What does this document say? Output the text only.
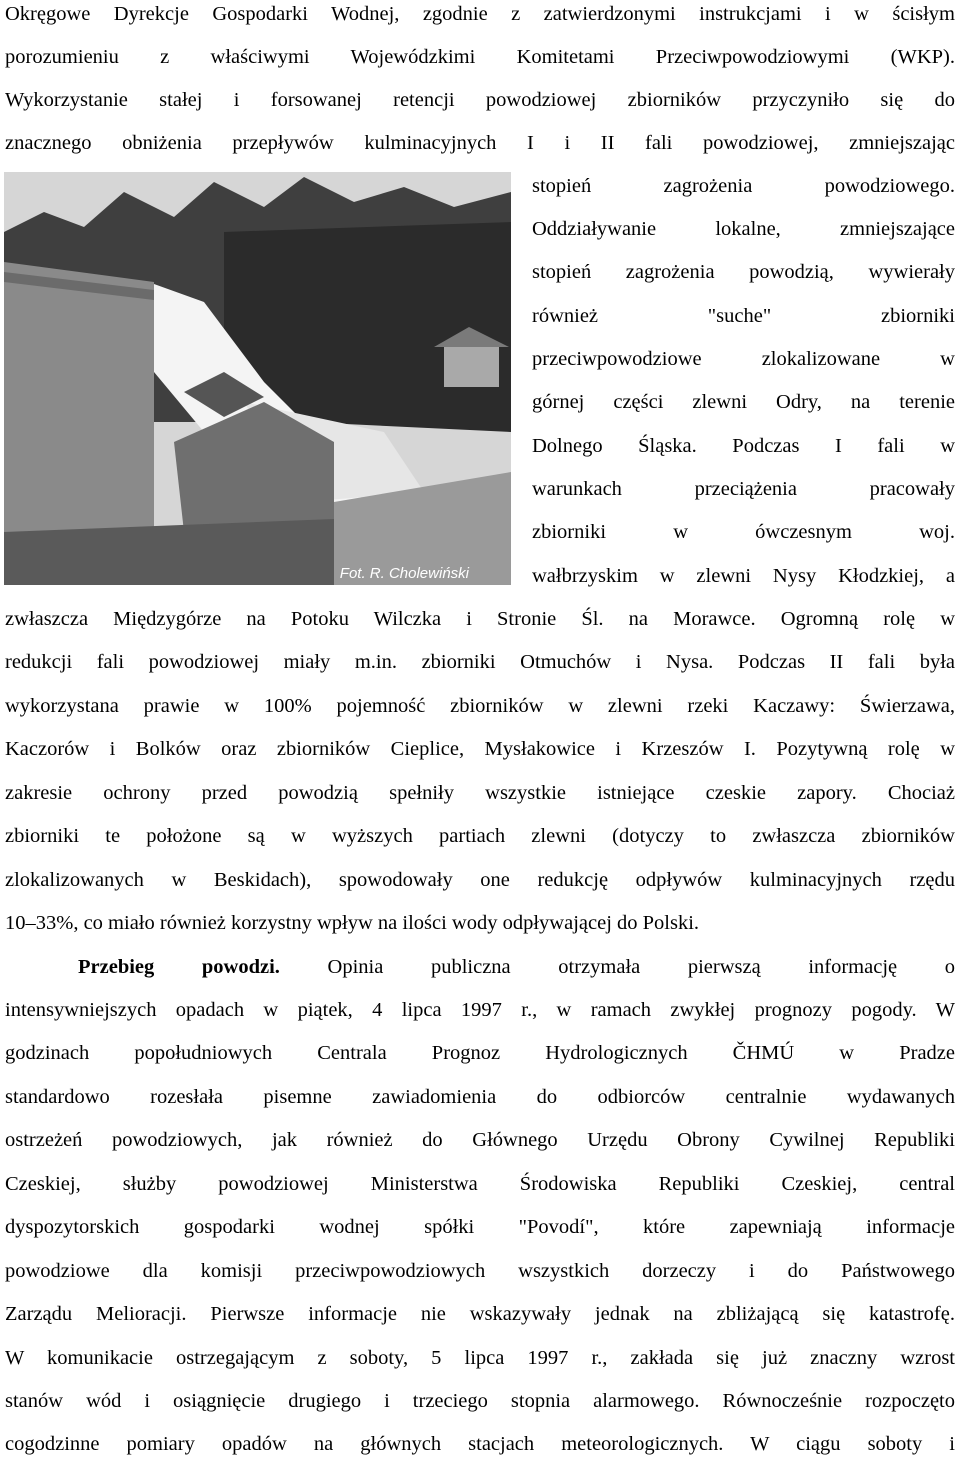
Okręgowe Dyrekcje Gospodarki Wodnej, zgodnie z zatwierdzonymi instrukcjami i w ścisłym
porozumieniu z właściwymi Wojewódzkimi Komitetami Przeciwpowodziowymi (WKP).
Wykorzystanie stałej i forsowanej retencji powodziowej zbiorników przyczyniło się do
znacznego obniżenia przepływów kulminacyjnych I i II fali powodziowej, zmniejszając
Fot. R. Cholewiński
stopień zagrożenia powodziowego.
Oddziaływanie lokalne, zmniejszające
stopień zagrożenia powodzią, wywierały
również "suche" zbiorniki
przeciwpowodziowe zlokalizowane w
górnej części zlewni Odry, na terenie
Dolnego Śląska. Podczas I fali w
warunkach przeciążenia pracowały
zbiorniki w ówczesnym woj.
wałbrzyskim w zlewni Nysy Kłodzkiej, a
zwłaszcza Międzygórze na Potoku Wilczka i Stronie Śl. na Morawce. Ogromną rolę w
redukcji fali powodziowej miały m.in. zbiorniki Otmuchów i Nysa. Podczas II fali była
wykorzystana prawie w 100% pojemność zbiorników w zlewni rzeki Kaczawy: Świerzawa,
Kaczorów i Bolków oraz zbiorników Cieplice, Mysłakowice i Krzeszów I. Pozytywną rolę w
zakresie ochrony przed powodzią spełniły wszystkie istniejące czeskie zapory. Chociaż
zbiorniki te położone są w wyższych partiach zlewni (dotyczy to zwłaszcza zbiorników
zlokalizowanych w Beskidach), spowodowały one redukcję odpływów kulminacyjnych rzędu
10–33%, co miało również korzystny wpływ na ilości wody odpływającej do Polski.
Przebieg powodzi. Opinia publiczna otrzymała pierwszą informację o
intensywniejszych opadach w piątek, 4 lipca 1997 r., w ramach zwykłej prognozy pogody. W
godzinach popołudniowych Centrala Prognoz Hydrologicznych ČHMÚ w Pradze
standardowo rozesłała pisemne zawiadomienia do odbiorców centralnie wydawanych
ostrzeżeń powodziowych, jak również do Głównego Urzędu Obrony Cywilnej Republiki
Czeskiej, służby powodziowej Ministerstwa Środowiska Republiki Czeskiej, central
dyspozytorskich gospodarki wodnej spółki "Povodí", które zapewniają informacje
powodziowe dla komisji przeciwpowodziowych wszystkich dorzeczy i do Państwowego
Zarządu Melioracji. Pierwsze informacje nie wskazywały jednak na zbliżającą się katastrofę.
W komunikacie ostrzegającym z soboty, 5 lipca 1997 r., zakłada się już znaczny wzrost
stanów wód i osiągnięcie drugiego i trzeciego stopnia alarmowego. Równocześnie rozpoczęto
cogodzinne pomiary opadów na głównych stacjach meteorologicznych. W ciągu soboty i
